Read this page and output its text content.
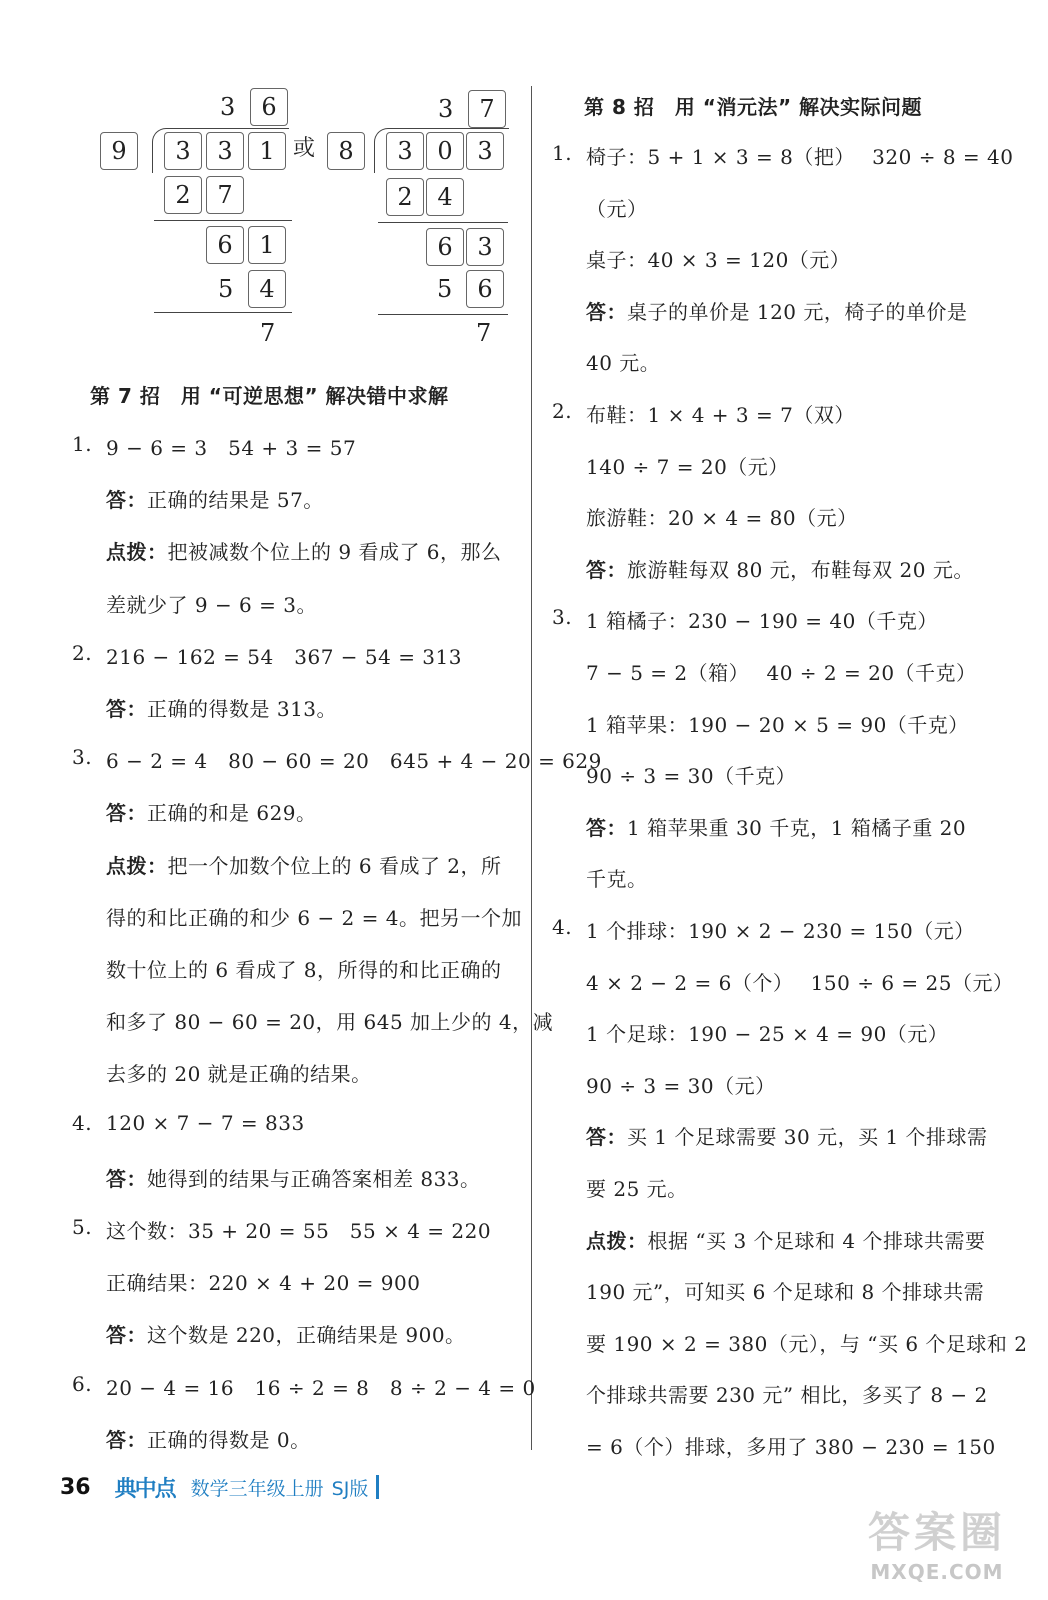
3	6
9	3	3	1 或
2	7
6	1
5	4
7
3	7
8	3	0	3
2	4
6	3
5	6
7
第 7 招　用 “可逆思想” 解决错中求解
1. 9 − 6 = 3　54 + 3 = 57
答：正确的结果是 57。
点拨：把被减数个位上的 9 看成了 6，那么
差就少了 9 − 6 = 3。
2. 216 − 162 = 54　367 − 54 = 313
答：正确的得数是 313。
3. 6 − 2 = 4　80 − 60 = 20　645 + 4 − 20 = 629
答：正确的和是 629。
点拨：把一个加数个位上的 6 看成了 2，所
得的和比正确的和少 6 − 2 = 4。把另一个加
数十位上的 6 看成了 8，所得的和比正确的
和多了 80 − 60 = 20，用 645 加上少的 4，减
去多的 20 就是正确的结果。
4. 120 × 7 − 7 = 833
答：她得到的结果与正确答案相差 833。
5. 这个数：35 + 20 = 55　55 × 4 = 220
正确结果：220 × 4 + 20 = 900
答：这个数是 220，正确结果是 900。
6. 20 − 4 = 16　16 ÷ 2 = 8　8 ÷ 2 − 4 = 0
答：正确的得数是 0。
第 8 招　用 “消元法” 解决实际问题
1. 椅子：5 + 1 × 3 = 8（把）　 320 ÷ 8 = 40
（元）
桌子：40 × 3 = 120（元）
答：桌子的单价是 120 元，椅子的单价是
40 元。
2. 布鞋：1 × 4 + 3 = 7（双）
140 ÷ 7 = 20（元）
旅游鞋：20 × 4 = 80（元）
答：旅游鞋每双 80 元，布鞋每双 20 元。
3. 1 箱橘子：230 − 190 = 40（千克）
7 − 5 = 2（箱）　 40 ÷ 2 = 20（千克）
1 箱苹果：190 − 20 × 5 = 90（千克）
90 ÷ 3 = 30（千克）
答：1 箱苹果重 30 千克，1 箱橘子重 20
千克。
4. 1 个排球：190 × 2 − 230 = 150（元）
4 × 2 − 2 = 6（个）　 150 ÷ 6 = 25（元）
1 个足球：190 − 25 × 4 = 90（元）
90 ÷ 3 = 30（元）
答：买 1 个足球需要 30 元，买 1 个排球需
要 25 元。
点拨：根据 “买 3 个足球和 4 个排球共需要
190 元”，可知买 6 个足球和 8 个排球共需
要 190 × 2 = 380（元），与 “买 6 个足球和 2
个排球共需要 230 元” 相比，多买了 8 − 2
= 6（个）排球，多用了 380 − 230 = 150
36 典中点 数学三年级上册 SJ版
答案圈
MXQE.COM
